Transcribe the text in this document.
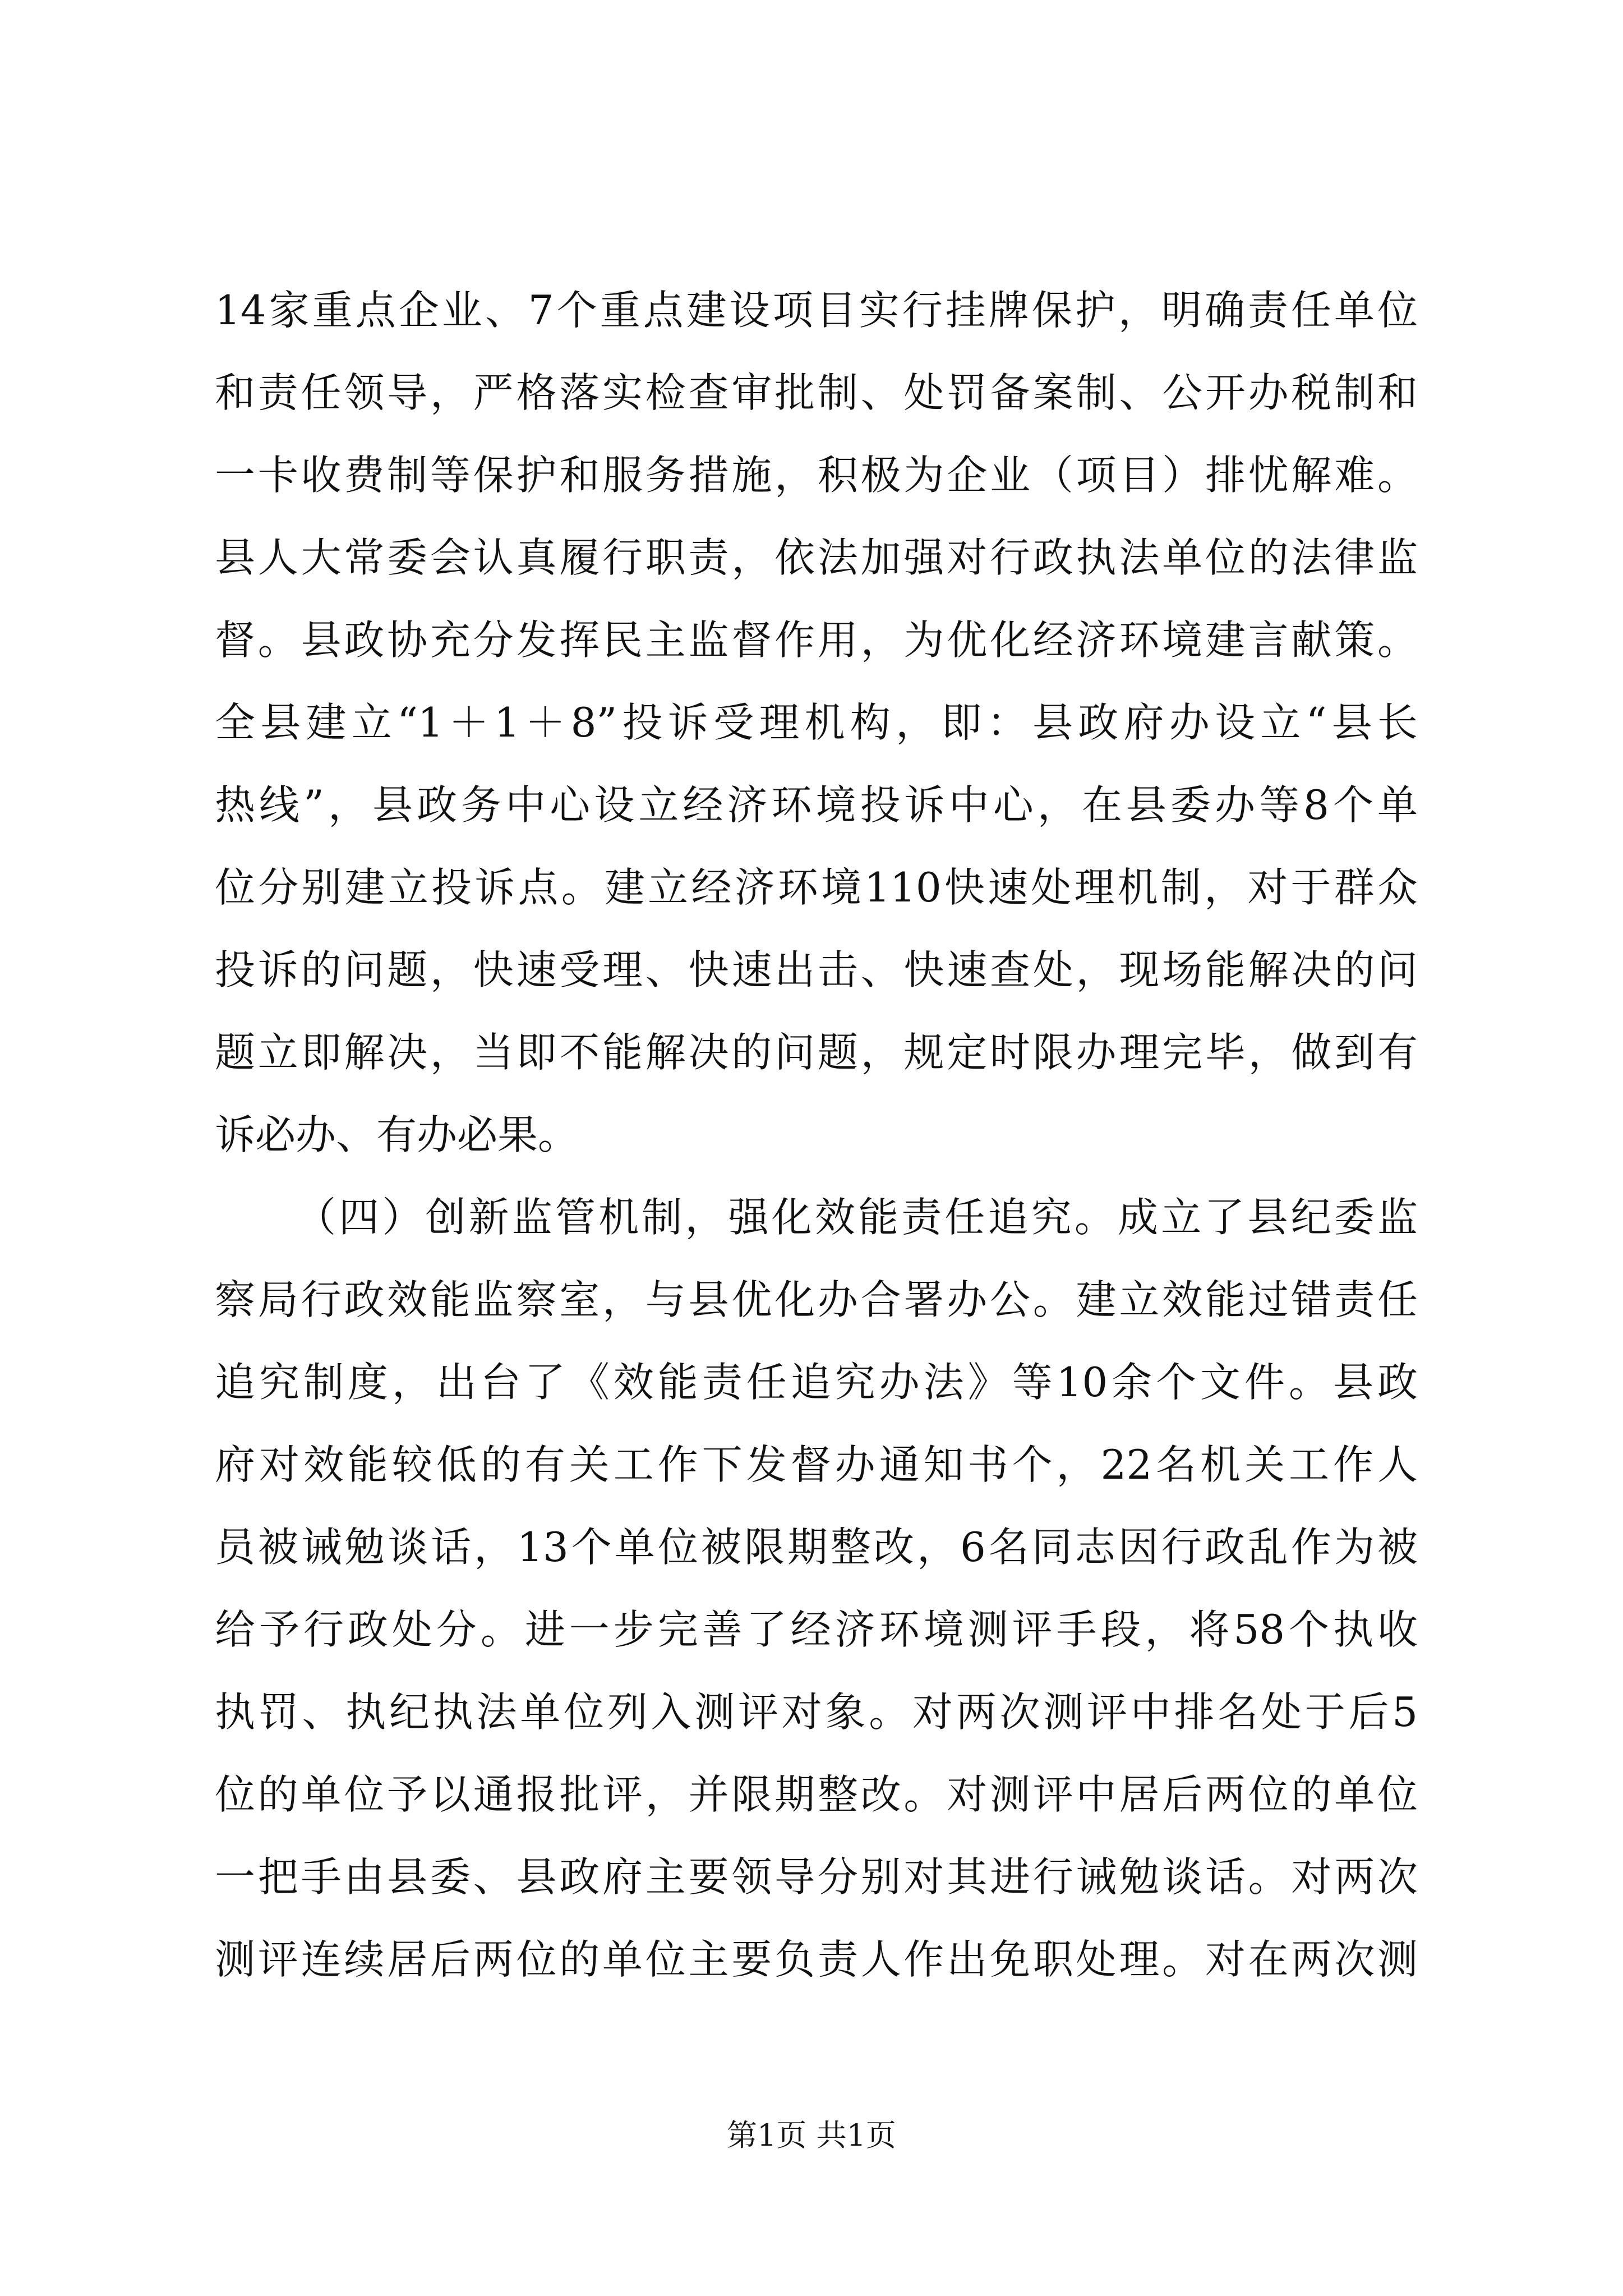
14家重点企业、7个重点建设项目实行挂牌保护，明确责任单位
和责任领导，严格落实检查审批制、处罚备案制、公开办税制和
一卡收费制等保护和服务措施，积极为企业（项目）排忧解难。
县人大常委会认真履行职责，依法加强对行政执法单位的法律监
督。县政协充分发挥民主监督作用，为优化经济环境建言献策。
全县建立“1＋1＋8”投诉受理机构，即：县政府办设立“县长
热线”，县政务中心设立经济环境投诉中心，在县委办等8个单
位分别建立投诉点。建立经济环境110快速处理机制，对于群众
投诉的问题，快速受理、快速出击、快速查处，现场能解决的问
题立即解决，当即不能解决的问题，规定时限办理完毕，做到有
诉必办、有办必果。
（四）创新监管机制，强化效能责任追究。成立了县纪委监
察局行政效能监察室，与县优化办合署办公。建立效能过错责任
追究制度，出台了《效能责任追究办法》等10余个文件。县政
府对效能较低的有关工作下发督办通知书个，22名机关工作人
员被诫勉谈话，13个单位被限期整改，6名同志因行政乱作为被
给予行政处分。进一步完善了经济环境测评手段，将58个执收
执罚、执纪执法单位列入测评对象。对两次测评中排名处于后5
位的单位予以通报批评，并限期整改。对测评中居后两位的单位
一把手由县委、县政府主要领导分别对其进行诫勉谈话。对两次
测评连续居后两位的单位主要负责人作出免职处理。对在两次测
第1页 共1页
